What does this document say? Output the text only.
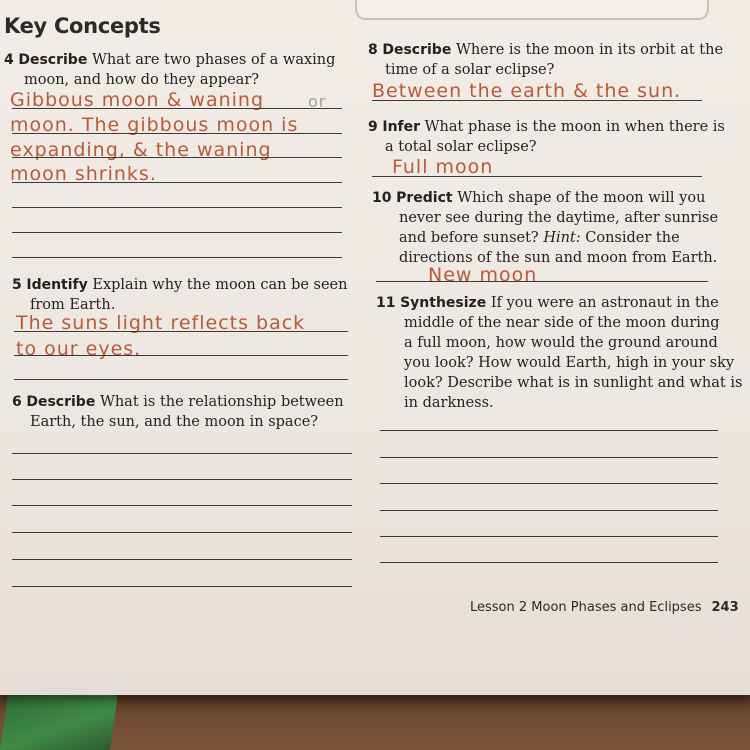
Key Concepts
4 Describe What are two phases of a waxing
moon, and how do they appear?
Gibbous moon & waning	or
moon. The gibbous moon is
expanding, & the waning
moon shrinks.
5 Identify Explain why the moon can be seen
from Earth.
The suns light reflects back
to our eyes.
6 Describe What is the relationship between
Earth, the sun, and the moon in space?
8 Describe Where is the moon in its orbit at the
time of a solar eclipse?
Between the earth & the sun.
9 Infer What phase is the moon in when there is
a total solar eclipse?
Full moon
10 Predict Which shape of the moon will you
never see during the daytime, after sunrise
and before sunset? Hint: Consider the
directions of the sun and moon from Earth.
New moon
11 Synthesize If you were an astronaut in the
middle of the near side of the moon during
a full moon, how would the ground around
you look? How would Earth, high in your sky
look? Describe what is in sunlight and what is
in darkness.
Lesson 2 Moon Phases and Eclipses 243
